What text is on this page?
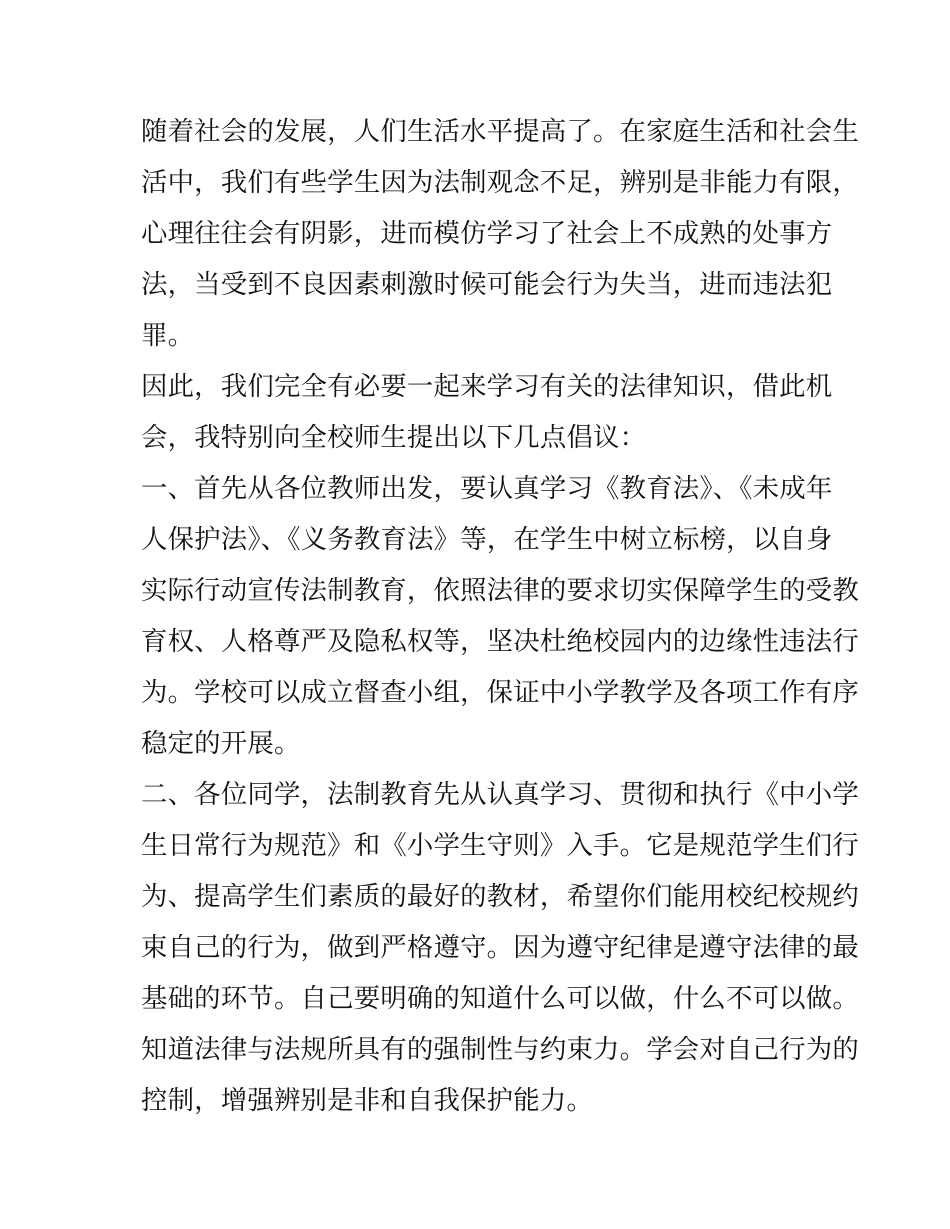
随着社会的发展，人们生活水平提高了。在家庭生活和社会生
活中，我们有些学生因为法制观念不足，辨别是非能力有限，
心理往往会有阴影，进而模仿学习了社会上不成熟的处事方
法，当受到不良因素刺激时候可能会行为失当，进而违法犯
罪。
因此，我们完全有必要一起来学习有关的法律知识，借此机
会，我特别向全校师生提出以下几点倡议：
一、首先从各位教师出发，要认真学习《教育法》、《未成年
人保护法》、《义务教育法》等，在学生中树立标榜，以自身
实际行动宣传法制教育，依照法律的要求切实保障学生的受教
育权、人格尊严及隐私权等，坚决杜绝校园内的边缘性违法行
为。学校可以成立督查小组，保证中小学教学及各项工作有序
稳定的开展。
二、各位同学，法制教育先从认真学习、贯彻和执行《中小学
生日常行为规范》和《小学生守则》入手。它是规范学生们行
为、提高学生们素质的最好的教材，希望你们能用校纪校规约
束自己的行为，做到严格遵守。因为遵守纪律是遵守法律的最
基础的环节。自己要明确的知道什么可以做，什么不可以做。
知道法律与法规所具有的强制性与约束力。学会对自己行为的
控制，增强辨别是非和自我保护能力。
